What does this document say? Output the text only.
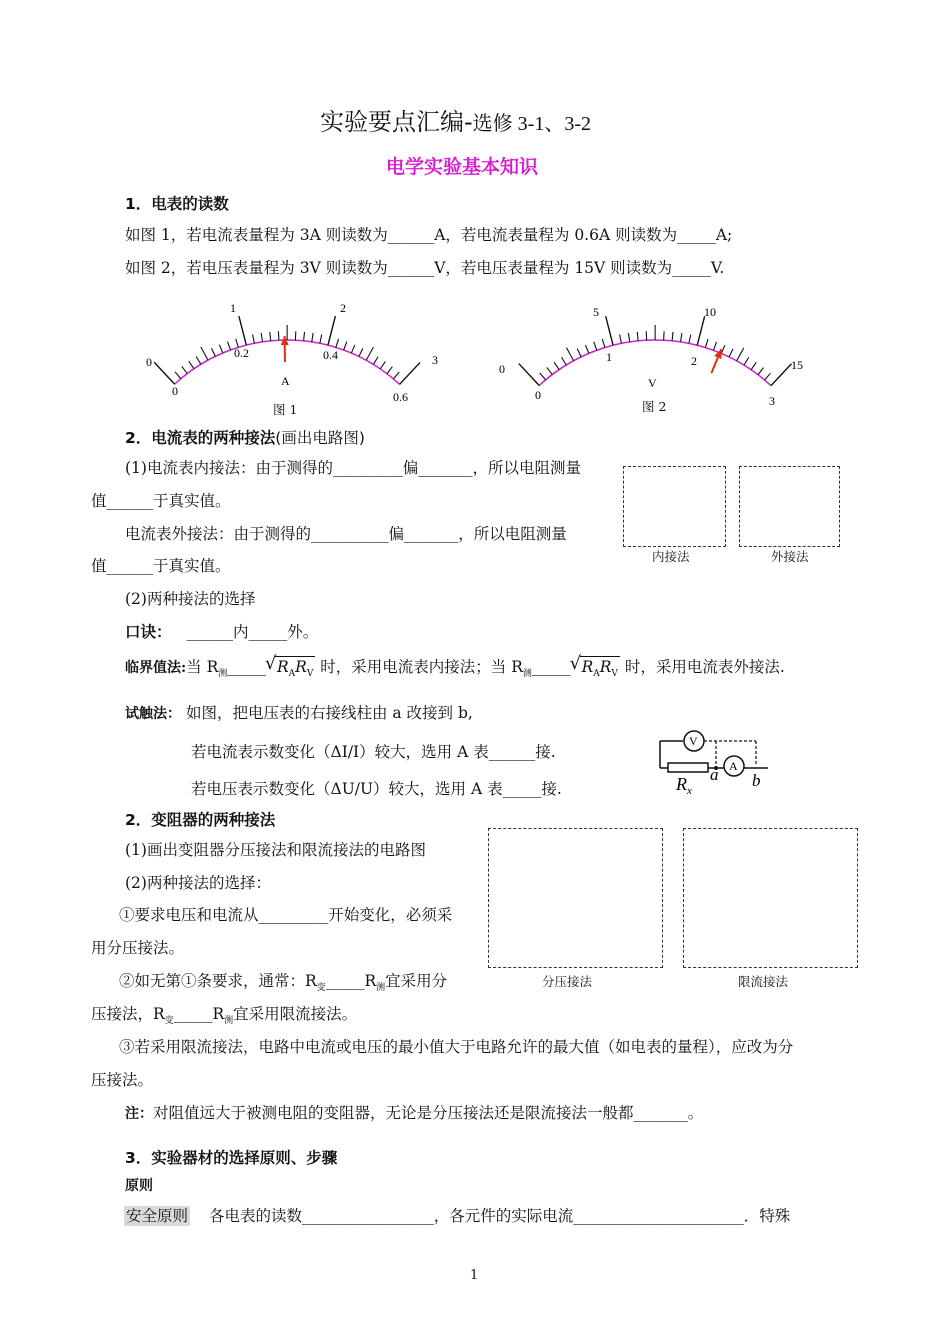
实验要点汇编-选修 3-1、3-2
电学实验基本知识
1．电表的读数
如图 1，若电流表量程为 3A 则读数为______A，若电流表量程为 0.6A 则读数为_____A;
如图 2，若电压表量程为 3V 则读数为______V，若电压表量程为 15V 则读数为_____V.
0
1	2
3
0
0.2	0.4
0.6
A
图 1
0
5	10
15
0
1	2
3
V
图 2
2．电流表的两种接法(画出电路图)
(1)电流表内接法：由于测得的_________偏_______，所以电阻测量
值______于真实值。
电流表外接法：由于测得的__________偏_______，所以电阻测量
值______于真实值。
内接法	外接法
(2)两种接法的选择
口诀： ______内_____外。
临界值法:当 $R_测\_\_\_\_\_$
√ $R_AR_V$ 时，采用电流表内接法；当 $R_测\_\_\_\_\_$
√ $R_AR_V$ 时，采用电流表外接法.
试触法： 如图，把电压表的右接线柱由 a 改接到 b,
若电流表示数变化（ΔI/I）较大，选用 A 表______接.
若电压表示数变化（ΔU/U）较大，选用 A 表_____接.
V
A
$R_x$
a b
2．变阻器的两种接法
(1)画出变阻器分压接法和限流接法的电路图
(2)两种接法的选择：
①要求电压和电流从_________开始变化，必须采
用分压接法。
②如无第①条要求，通常：$R_变\_\_\_\_\_R_测$宜采用分
压接法，$R_变\_\_\_\_\_R_测$宜采用限流接法。
③若采用限流接法，电路中电流或电压的最小值大于电路允许的最大值（如电表的量程），应改为分
压接法。
注：对阻值远大于被测电阻的变阻器，无论是分压接法还是限流接法一般都_______。
分压接法	限流接法
3．实验器材的选择原则、步骤
原则
安全原则 各电表的读数_________________，各元件的实际电流______________________．特殊
1
